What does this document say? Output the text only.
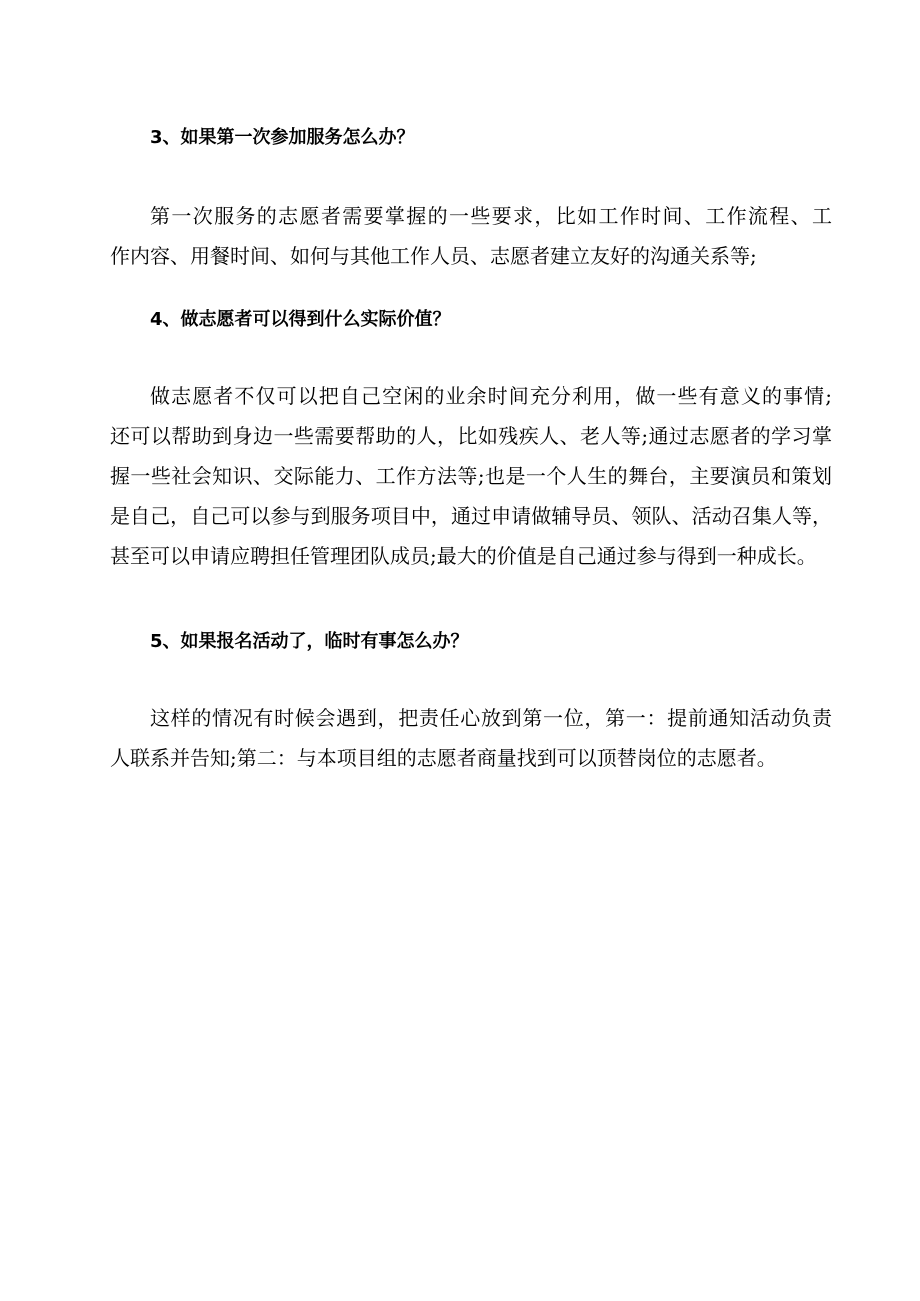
3、如果第一次参加服务怎么办？
第一次服务的志愿者需要掌握的一些要求，比如工作时间、工作流程、工
作内容、用餐时间、如何与其他工作人员、志愿者建立友好的沟通关系等;
4、做志愿者可以得到什么实际价值？
做志愿者不仅可以把自己空闲的业余时间充分利用，做一些有意义的事情;
还可以帮助到身边一些需要帮助的人，比如残疾人、老人等;通过志愿者的学习掌
握一些社会知识、交际能力、工作方法等;也是一个人生的舞台，主要演员和策划
是自己，自己可以参与到服务项目中，通过申请做辅导员、领队、活动召集人等，
甚至可以申请应聘担任管理团队成员;最大的价值是自己通过参与得到一种成长。
5、如果报名活动了，临时有事怎么办？
这样的情况有时候会遇到，把责任心放到第一位，第一：提前通知活动负责
人联系并告知;第二：与本项目组的志愿者商量找到可以顶替岗位的志愿者。
